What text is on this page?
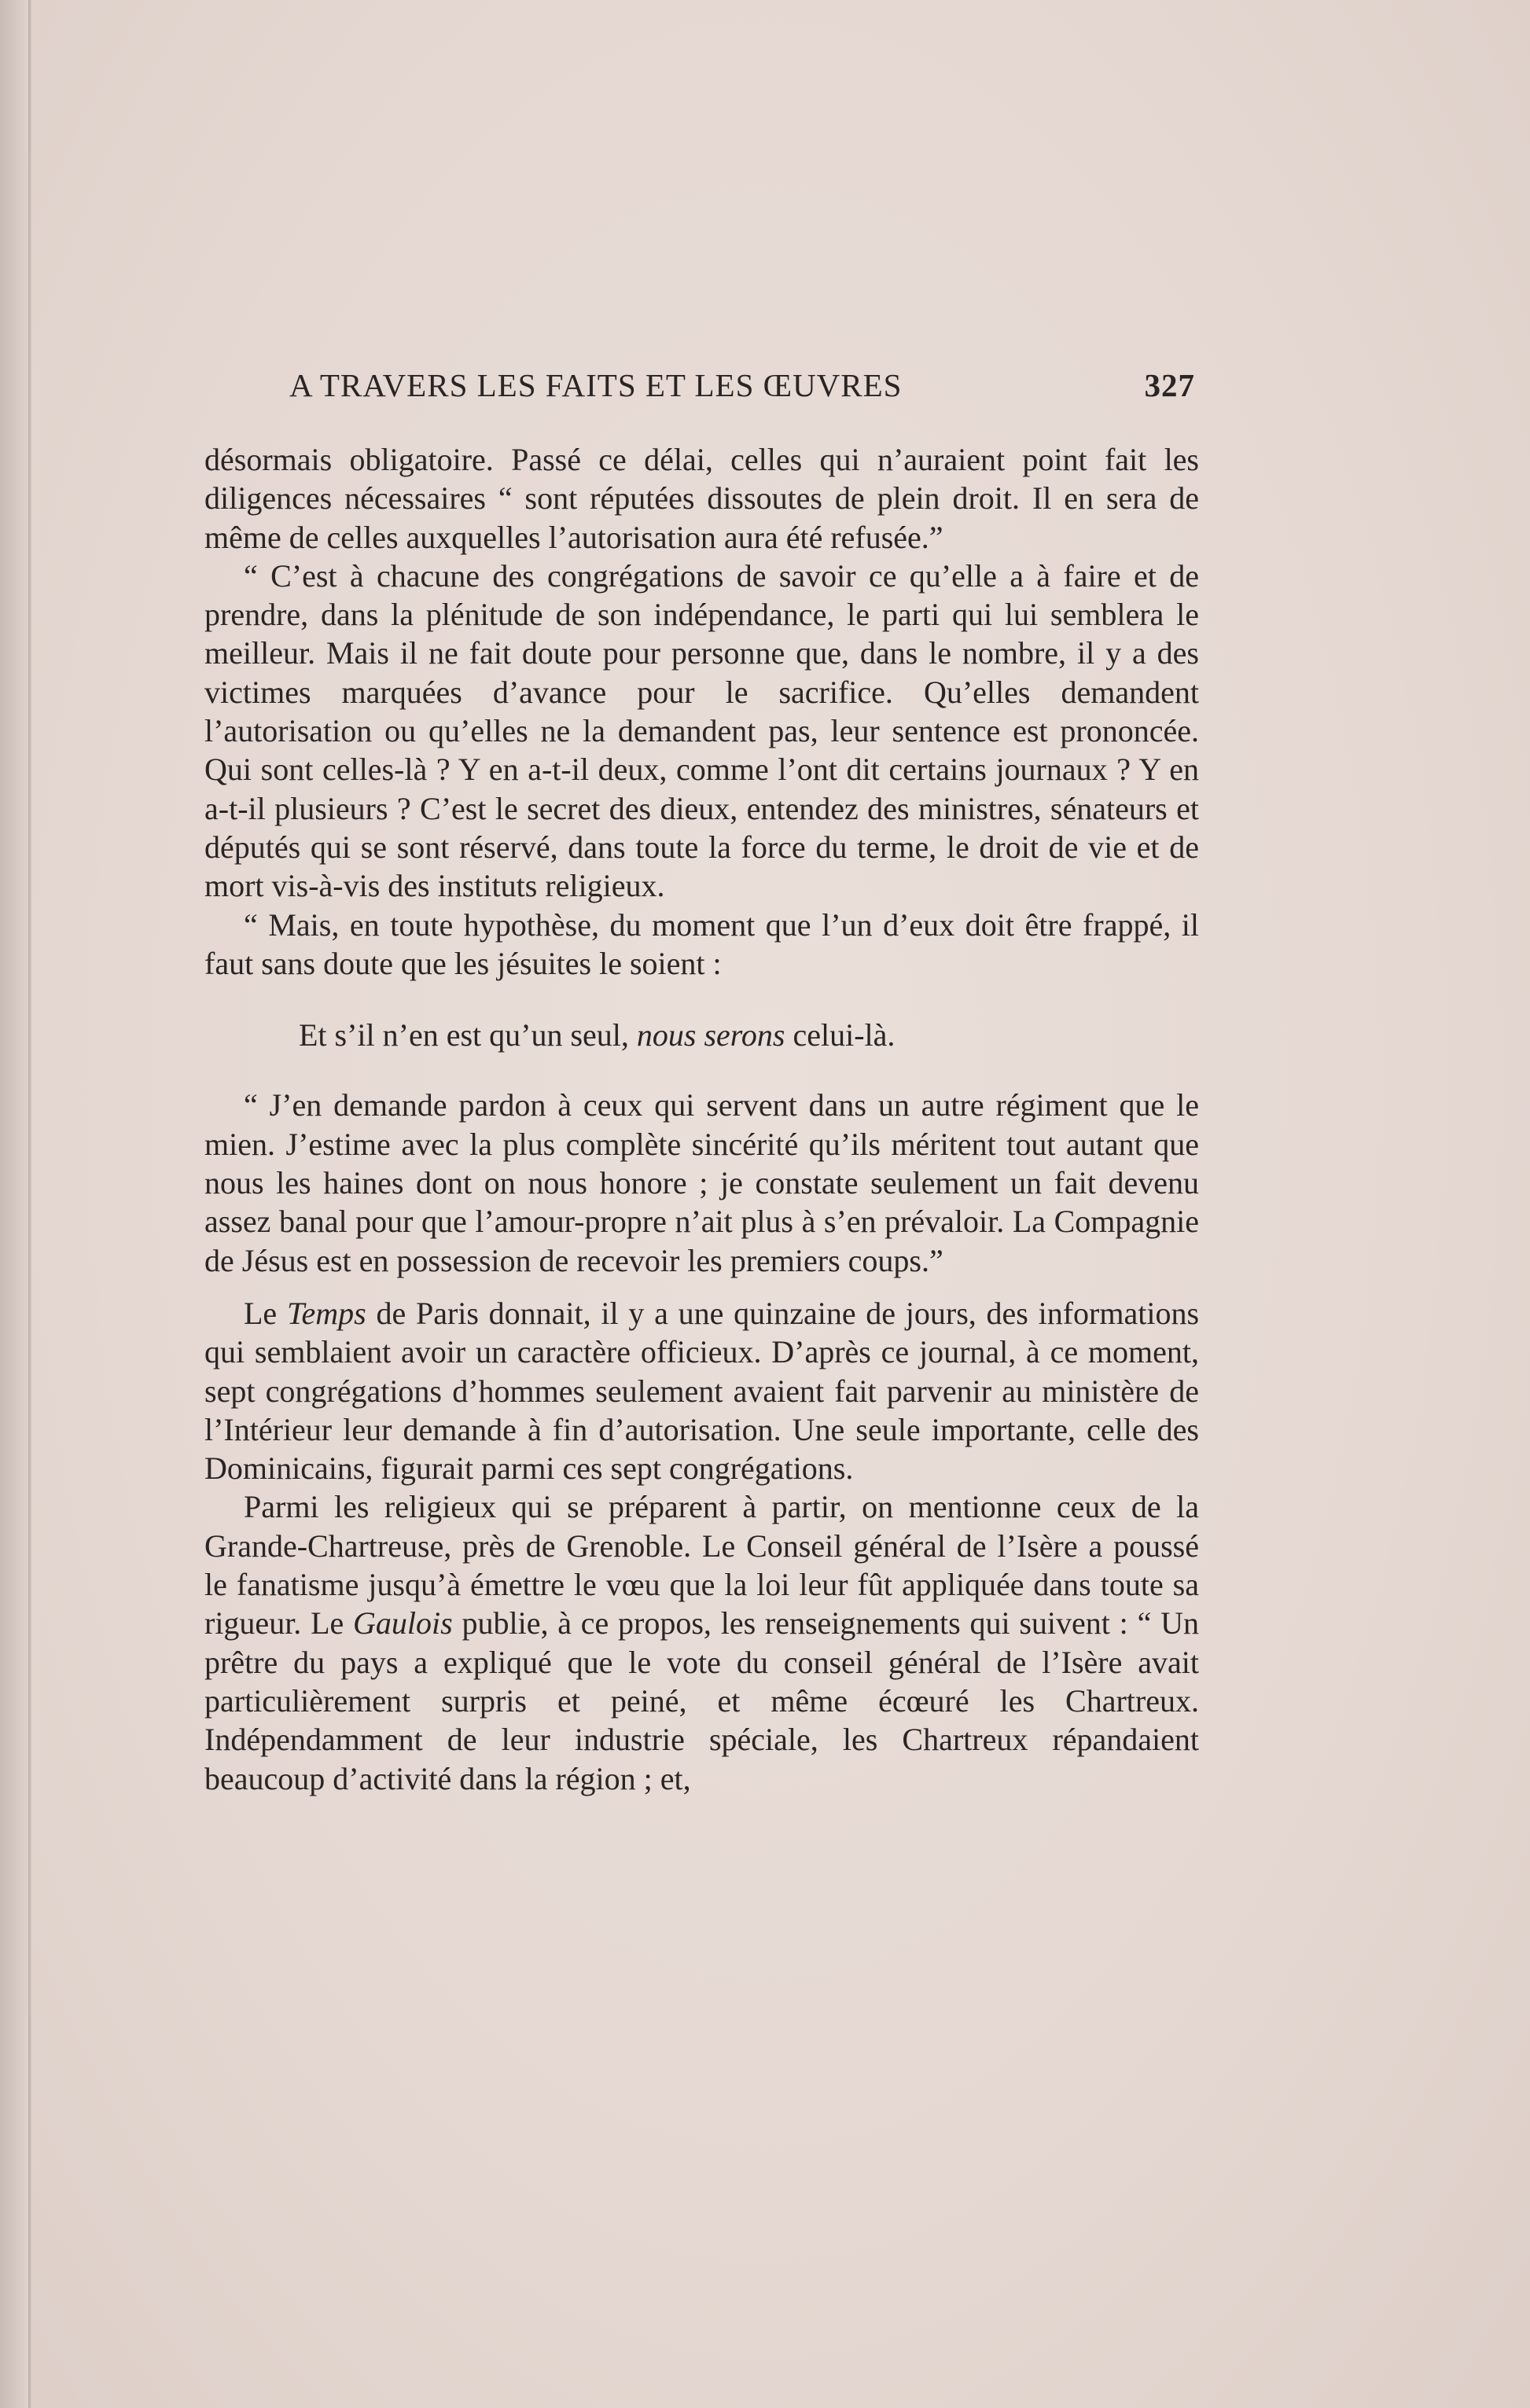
A TRAVERS LES FAITS ET LES ŒUVRES	327

désormais obligatoire. Passé ce délai, celles qui n’auraient point fait les diligences nécessaires “ sont réputées dissoutes de plein droit. Il en sera de même de celles auxquelles l’autorisation aura été refusée.”

“ C’est à chacune des congrégations de savoir ce qu’elle a à faire et de prendre, dans la plénitude de son indépendance, le parti qui lui semblera le meilleur. Mais il ne fait doute pour personne que, dans le nombre, il y a des victimes marquées d’avance pour le sacrifice. Qu’elles demandent l’autorisation ou qu’elles ne la demandent pas, leur sentence est prononcée. Qui sont celles-là ? Y en a-t-il deux, comme l’ont dit certains journaux ? Y en a-t-il plusieurs ? C’est le secret des dieux, entendez des ministres, sénateurs et députés qui se sont réservé, dans toute la force du terme, le droit de vie et de mort vis-à-vis des instituts religieux.

“ Mais, en toute hypothèse, du moment que l’un d’eux doit être frappé, il faut sans doute que les jésuites le soient :

Et s’il n’en est qu’un seul, nous serons celui-là.

“ J’en demande pardon à ceux qui servent dans un autre régiment que le mien. J’estime avec la plus complète sincérité qu’ils méritent tout autant que nous les haines dont on nous honore ; je constate seulement un fait devenu assez banal pour que l’amour-propre n’ait plus à s’en prévaloir. La Compagnie de Jésus est en possession de recevoir les premiers coups.”

Le Temps de Paris donnait, il y a une quinzaine de jours, des informations qui semblaient avoir un caractère officieux. D’après ce journal, à ce moment, sept congrégations d’hommes seulement avaient fait parvenir au ministère de l’Intérieur leur demande à fin d’autorisation. Une seule importante, celle des Dominicains, figurait parmi ces sept congrégations.

Parmi les religieux qui se préparent à partir, on mentionne ceux de la Grande-Chartreuse, près de Grenoble. Le Conseil général de l’Isère a poussé le fanatisme jusqu’à émettre le vœu que la loi leur fût appliquée dans toute sa rigueur. Le Gaulois publie, à ce propos, les renseignements qui suivent : “ Un prêtre du pays a expliqué que le vote du conseil général de l’Isère avait particulièrement surpris et peiné, et même écœuré les Chartreux. Indépendamment de leur industrie spéciale, les Chartreux répandaient beaucoup d’activité dans la région ; et,
